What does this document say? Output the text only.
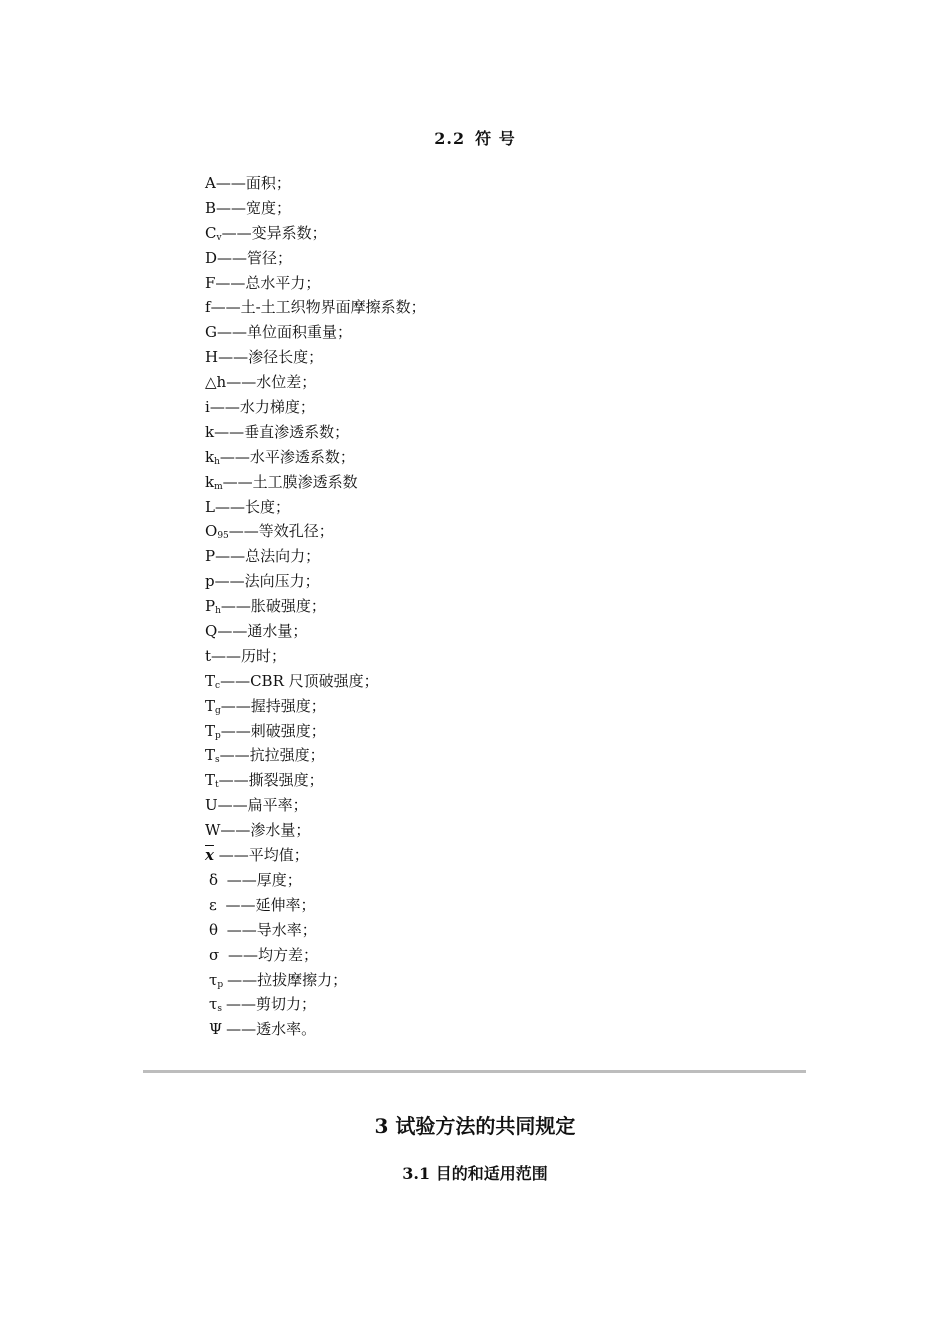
2.2 符 号
A——面积；
B——宽度；
$C_v——$变异系数；
D——管径；
F——总水平力；
f——土-土工织物界面摩擦系数；
G——单位面积重量；
H——渗径长度；
△h——水位差；
i——水力梯度；
k——垂直渗透系数；
$k_h——$水平渗透系数；
$k_m——$土工膜渗透系数
L——长度；
$O_{95}——$等效孔径；
P——总法向力；
p——法向压力；
$P_h——$胀破强度；
Q——通水量；
t——历时；
$T_c——CBR$ 尺顶破强度；
$T_g——$握持强度；
$T_p——$刺破强度；
$T_s——$抗拉强度；
$T_t——$撕裂强度；
U——扁平率；
W——渗水量；
$\overline{x}$ ——平均值；
δ ——厚度；
ε ——延伸率；
θ ——导水率；
σ ——均方差；
$\tau_p$ ——拉拔摩擦力；
$\tau_s$ ——剪切力；
Ψ ——透水率。
3 试验方法的共同规定
3.1 目的和适用范围
